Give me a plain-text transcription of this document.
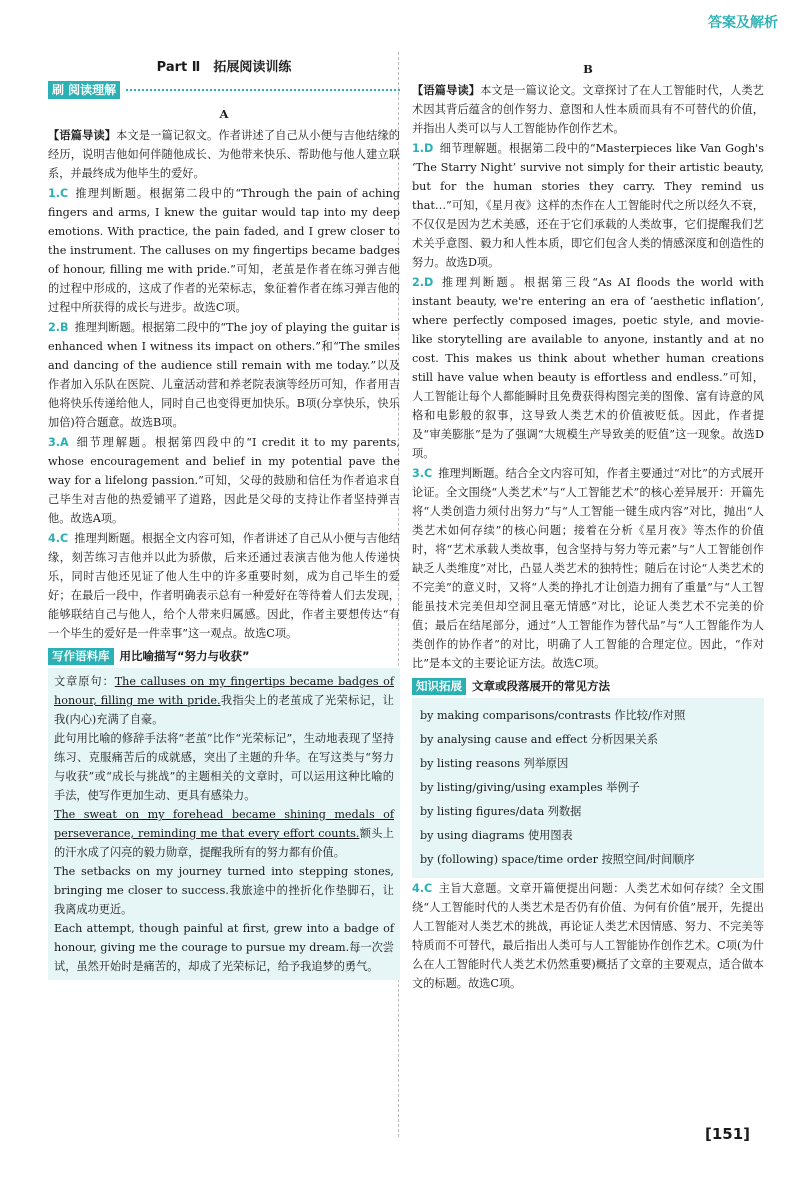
答案及解析
Part Ⅱ　拓展阅读训练
刷 阅读理解
A

【语篇导读】本文是一篇记叙文。作者讲述了自己从小便与吉他结缘的经历，说明吉他如何伴随他成长、为他带来快乐、帮助他与他人建立联系，并最终成为他毕生的爱好。

1.C 推理判断题。根据第二段中的“Through the pain of aching fingers and arms, I knew the guitar would tap into my deep emotions. With practice, the pain faded, and I grew closer to the instrument. The calluses on my fingertips became badges of honour, filling me with pride.”可知，老茧是作者在练习弹吉他的过程中形成的，这成了作者的光荣标志，象征着作者在练习弹吉他的过程中所获得的成长与进步。故选C项。

2.B 推理判断题。根据第二段中的“The joy of playing the guitar is enhanced when I witness its impact on others.”和“The smiles and dancing of the audience still remain with me today.”以及作者加入乐队在医院、儿童活动营和养老院表演等经历可知，作者用吉他将快乐传递给他人，同时自己也变得更加快乐。B项(分享快乐，快乐加倍)符合题意。故选B项。

3.A 细节理解题。根据第四段中的“I credit it to my parents, whose encouragement and belief in my potential pave the way for a lifelong passion.”可知，父母的鼓励和信任为作者追求自己毕生对吉他的热爱铺平了道路，因此是父母的支持让作者坚持弹吉他。故选A项。

4.C 推理判断题。根据全文内容可知，作者讲述了自己从小便与吉他结缘，刻苦练习吉他并以此为骄傲，后来还通过表演吉他为他人传递快乐，同时吉他还见证了他人生中的许多重要时刻，成为自己毕生的爱好；在最后一段中，作者明确表示总有一种爱好在等待着人们去发现，能够联结自己与他人，给个人带来归属感。因此，作者主要想传达“有一个毕生的爱好是一件幸事”这一观点。故选C项。

写作语料库 用比喻描写“努力与收获”

文章原句：The calluses on my fingertips became badges of honour, filling me with pride.我指尖上的老茧成了光荣标记，让我(内心)充满了自豪。

此句用比喻的修辞手法将“老茧”比作“光荣标记”，生动地表现了坚持练习、克服痛苦后的成就感，突出了主题的升华。在写这类与“努力与收获”或“成长与挑战”的主题相关的文章时，可以运用这种比喻的手法，使写作更加生动、更具有感染力。

The sweat on my forehead became shining medals of perseverance, reminding me that every effort counts.额头上的汗水成了闪亮的毅力勋章，提醒我所有的努力都有价值。

The setbacks on my journey turned into stepping stones, bringing me closer to success.我旅途中的挫折化作垫脚石，让我离成功更近。

Each attempt, though painful at first, grew into a badge of honour, giving me the courage to pursue my dream.每一次尝试，虽然开始时是痛苦的，却成了光荣标记，给予我追梦的勇气。

B

【语篇导读】本文是一篇议论文。文章探讨了在人工智能时代，人类艺术因其背后蕴含的创作努力、意图和人性本质而具有不可替代的价值，并指出人类可以与人工智能协作创作艺术。

1.D 细节理解题。根据第二段中的“Masterpieces like Van Gogh's ‘The Starry Night’ survive not simply for their artistic beauty, but for the human stories they carry. They remind us that…”可知，《星月夜》这样的杰作在人工智能时代之所以经久不衰，不仅仅是因为艺术美感，还在于它们承载的人类故事，它们提醒我们艺术关乎意图、毅力和人性本质，即它们包含人类的情感深度和创造性的努力。故选D项。

2.D 推理判断题。根据第三段“As AI floods the world with instant beauty, we're entering an era of ‘aesthetic inflation’, where perfectly composed images, poetic style, and movie-like storytelling are available to anyone, instantly and at no cost. This makes us think about whether human creations still have value when beauty is effortless and endless.”可知，人工智能让每个人都能瞬时且免费获得构图完美的图像、富有诗意的风格和电影般的叙事，这导致人类艺术的价值被贬低。因此，作者提及“审美膨胀”是为了强调“大规模生产导致美的贬值”这一现象。故选D项。

3.C 推理判断题。结合全文内容可知，作者主要通过“对比”的方式展开论证。全文围绕“人类艺术”与“人工智能艺术”的核心差异展开：开篇先将“人类创造力须付出努力”与“人工智能一键生成内容”对比，抛出“人类艺术如何存续”的核心问题；接着在分析《星月夜》等杰作的价值时，将“艺术承载人类故事，包含坚持与努力等元素”与“人工智能创作缺乏人类维度”对比，凸显人类艺术的独特性；随后在讨论“人类艺术的不完美”的意义时，又将“人类的挣扎才让创造力拥有了重量”与“人工智能虽技术完美但却空洞且毫无情感”对比，论证人类艺术不完美的价值；最后在结尾部分，通过“人工智能作为替代品”与“人工智能作为人类创作的协作者”的对比，明确了人工智能的合理定位。因此，“作对比”是本文的主要论证方法。故选C项。

知识拓展 文章或段落展开的常见方法
by making comparisons/contrasts 作比较/作对照
by analysing cause and effect 分析因果关系
by listing reasons 列举原因
by listing/giving/using examples 举例子
by listing figures/data 列数据
by using diagrams 使用图表
by (following) space/time order 按照空间/时间顺序

4.C 主旨大意题。文章开篇便提出问题：人类艺术如何存续？全文围绕“人工智能时代的人类艺术是否仍有价值、为何有价值”展开，先提出人工智能对人类艺术的挑战，再论证人类艺术因情感、努力、不完美等特质而不可替代，最后指出人类可与人工智能协作创作艺术。C项(为什么在人工智能时代人类艺术仍然重要)概括了文章的主要观点，适合做本文的标题。故选C项。

[151]
